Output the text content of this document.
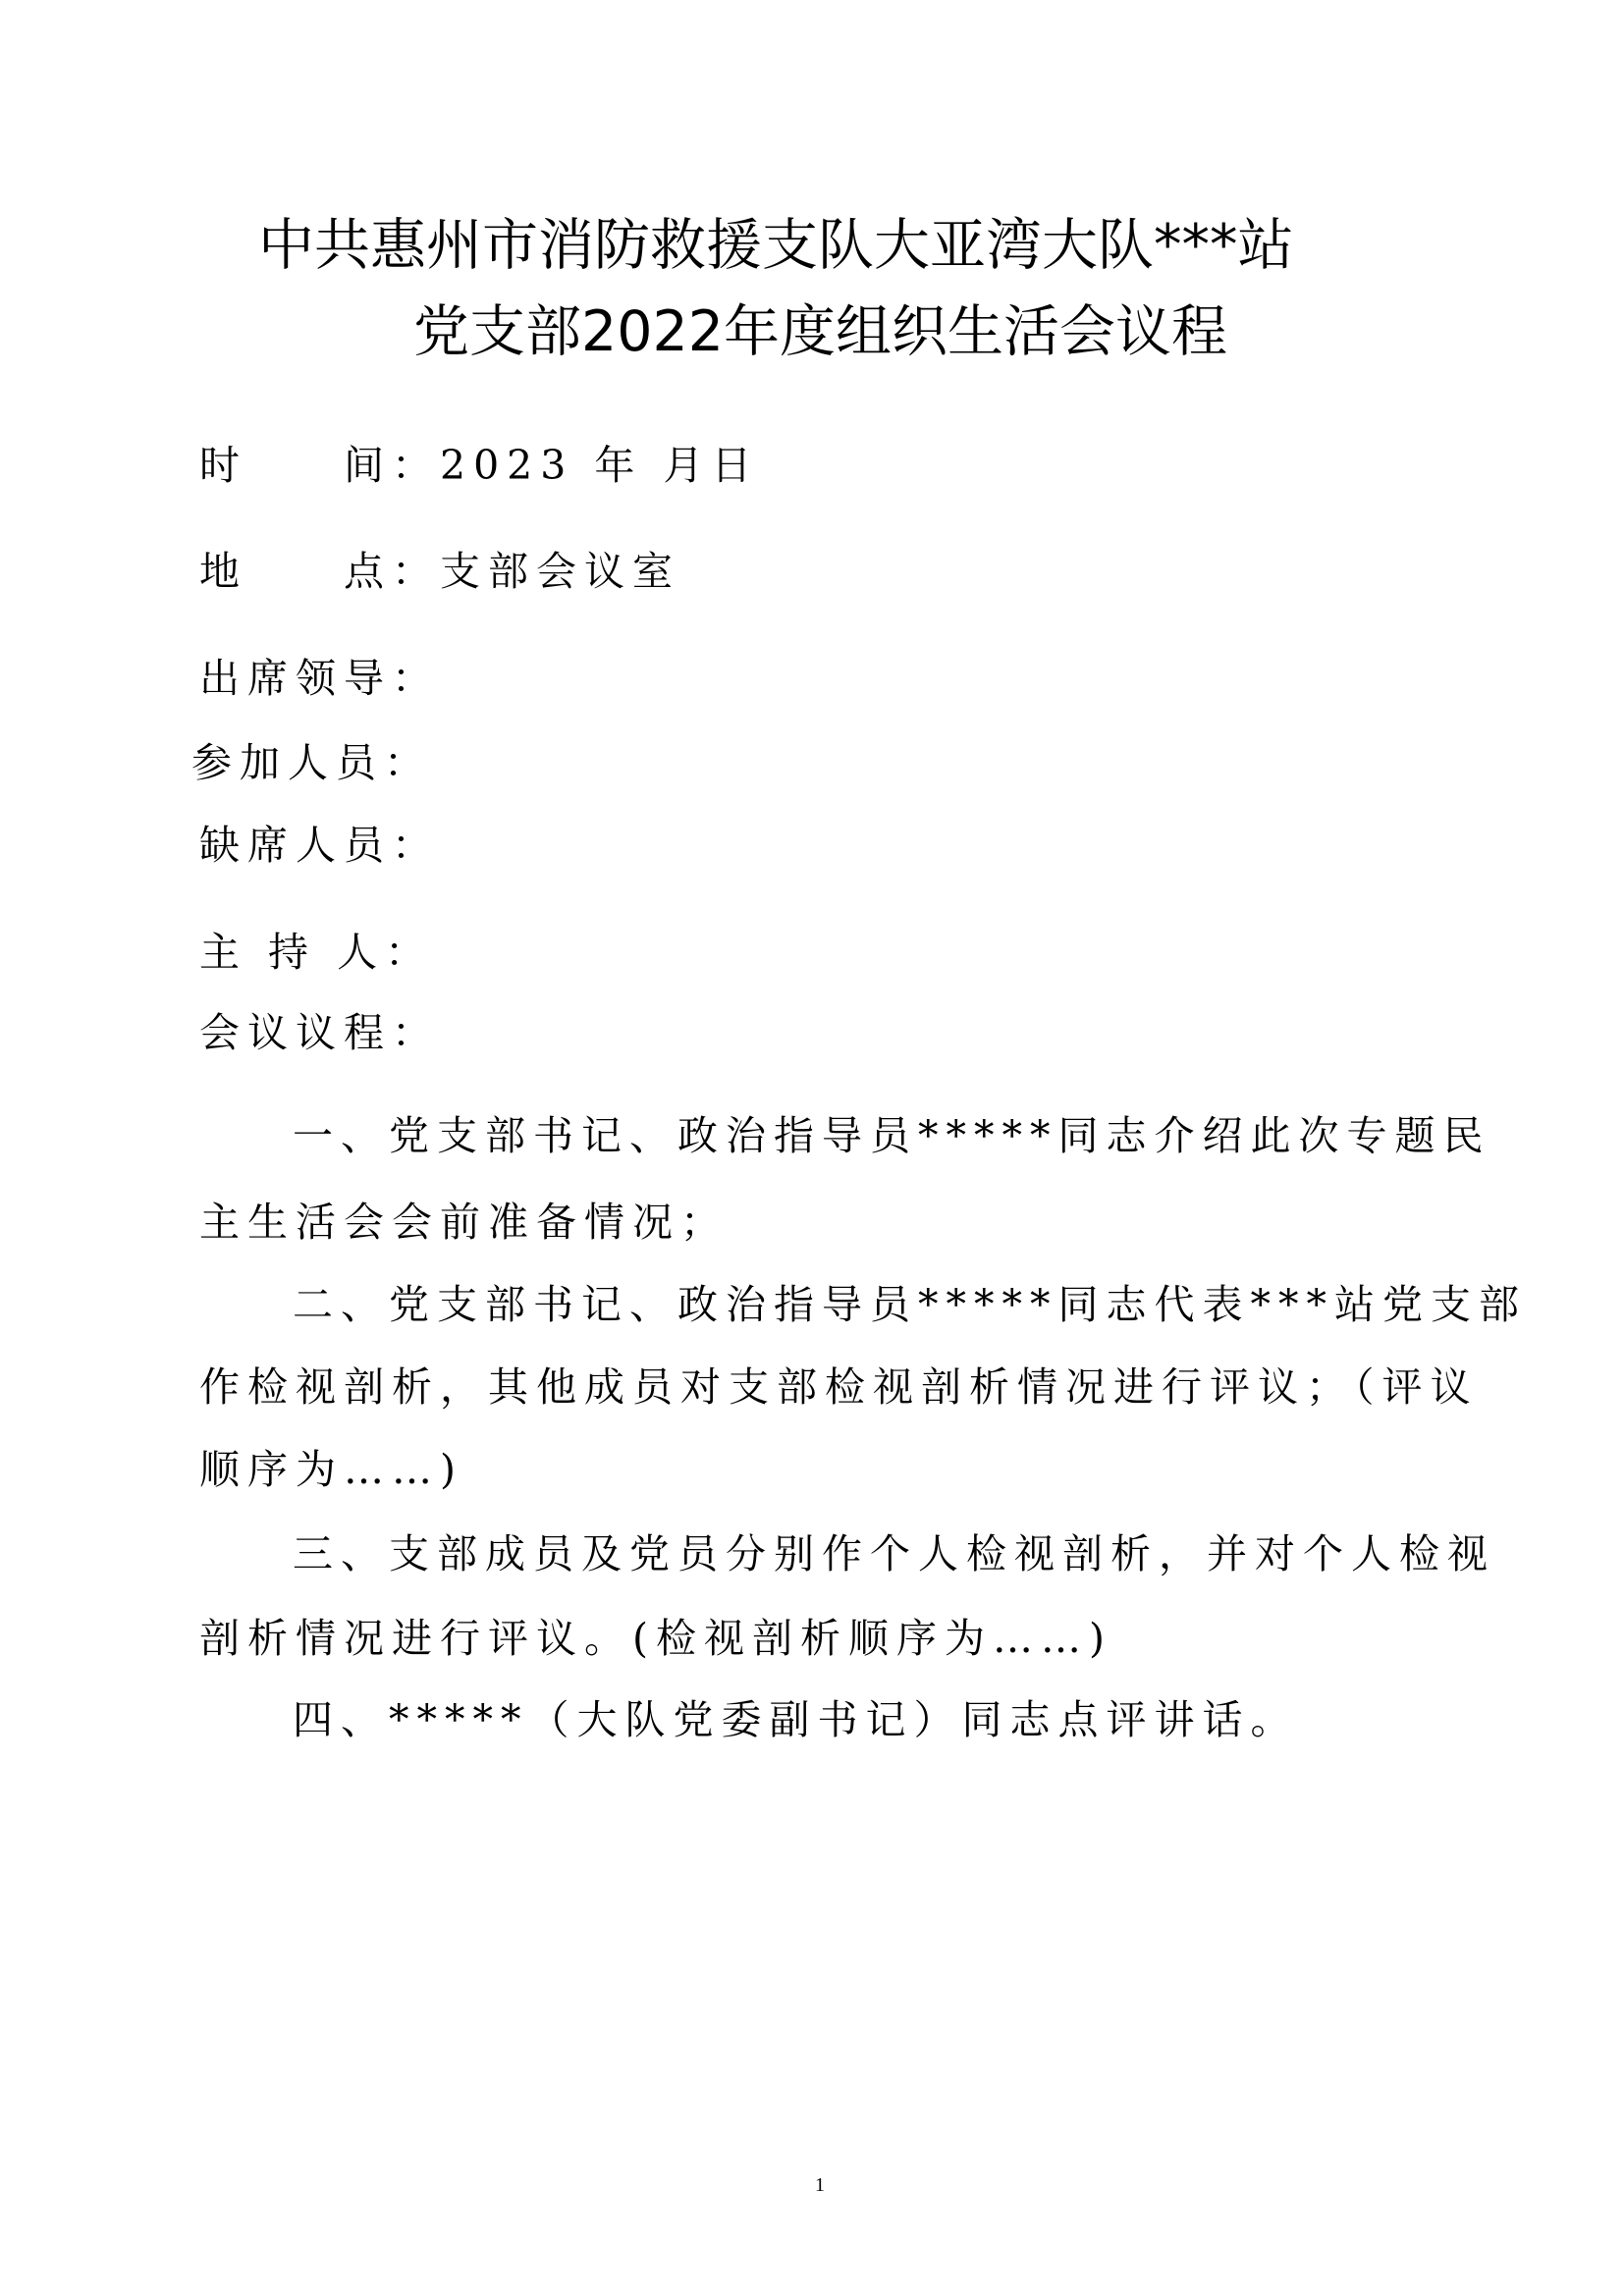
中共惠州市消防救援支队大亚湾大队***站
党支部2022年度组织生活会议程
时　　间：2023 年 月日
地　　点：支部会议室
出席领导：
参加人员：
缺席人员：
主 持 人：
会议议程：
一、党支部书记、政治指导员*****同志介绍此次专题民
主生活会会前准备情况；
二、党支部书记、政治指导员*****同志代表***站党支部
作检视剖析，其他成员对支部检视剖析情况进行评议；（评议
顺序为……)
三、支部成员及党员分别作个人检视剖析，并对个人检视
剖析情况进行评议。(检视剖析顺序为……)
四、*****（大队党委副书记）同志点评讲话。
1
